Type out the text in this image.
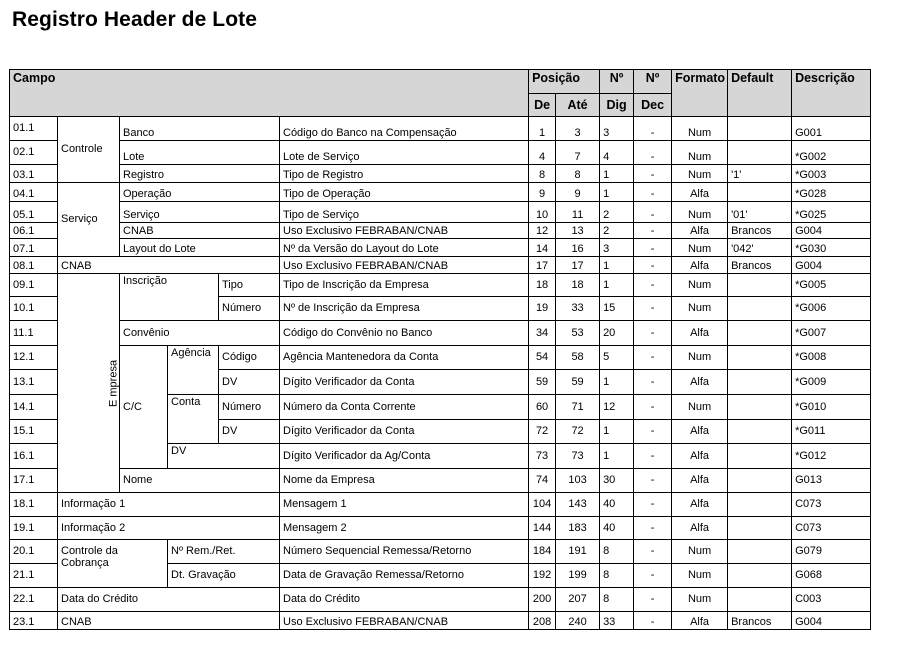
Registro Header de Lote
Campo						Posição		Nº	Nº	Formato	Default	Descrição
						De	Até	Dig	Dec			
01.1	Controle	Banco			Código do Banco na Compensação	1	3	3	-	Num		G001
02.1		Lote			Lote de Serviço	4	7	4	-	Num		*G002
03.1		Registro			Tipo de Registro	8	8	1	-	Num	'1'	*G003
04.1	Serviço	Operação			Tipo de Operação	9	9	1	-	Alfa		*G028
05.1		Serviço			Tipo de Serviço	10	11	2	-	Num	'01'	*G025
06.1		CNAB			Uso Exclusivo FEBRABAN/CNAB	12	13	2	-	Alfa	Brancos	G004
07.1		Layout do Lote			Nº da Versão do Layout do Lote	14	16	3	-	Num	'042'	*G030
08.1	CNAB				Uso Exclusivo FEBRABAN/CNAB	17	17	1	-	Alfa	Brancos	G004
09.1	E mpresa	Inscrição		Tipo	Tipo de Inscrição da Empresa	18	18	1	-	Num		*G005
10.1				Número	Nº de Inscrição da Empresa	19	33	15	-	Num		*G006
11.1		Convênio			Código do Convênio no Banco	34	53	20	-	Alfa		*G007
12.1		C/C	Agência	Código	Agência Mantenedora da Conta	54	58	5	-	Num		*G008
13.1				DV	Dígito Verificador da Conta	59	59	1	-	Alfa		*G009
14.1			Conta	Número	Número da Conta Corrente	60	71	12	-	Num		*G010
15.1				DV	Dígito Verificador da Conta	72	72	1	-	Alfa		*G011
16.1			DV		Dígito Verificador da Ag/Conta	73	73	1	-	Alfa		*G012
17.1		Nome			Nome da Empresa	74	103	30	-	Alfa		G013
18.1	Informação 1				Mensagem 1	104	143	40	-	Alfa		C073
19.1	Informação 2				Mensagem 2	144	183	40	-	Alfa		C073
20.1	Controle da Cobrança		Nº Rem./Ret.		Número Sequencial Remessa/Retorno	184	191	8	-	Num		G079
21.1			Dt. Gravação		Data de Gravação Remessa/Retorno	192	199	8	-	Num		G068
22.1	Data do Crédito				Data do Crédito	200	207	8	-	Num		C003
23.1	CNAB				Uso Exclusivo FEBRABAN/CNAB	208	240	33	-	Alfa	Brancos	G004
